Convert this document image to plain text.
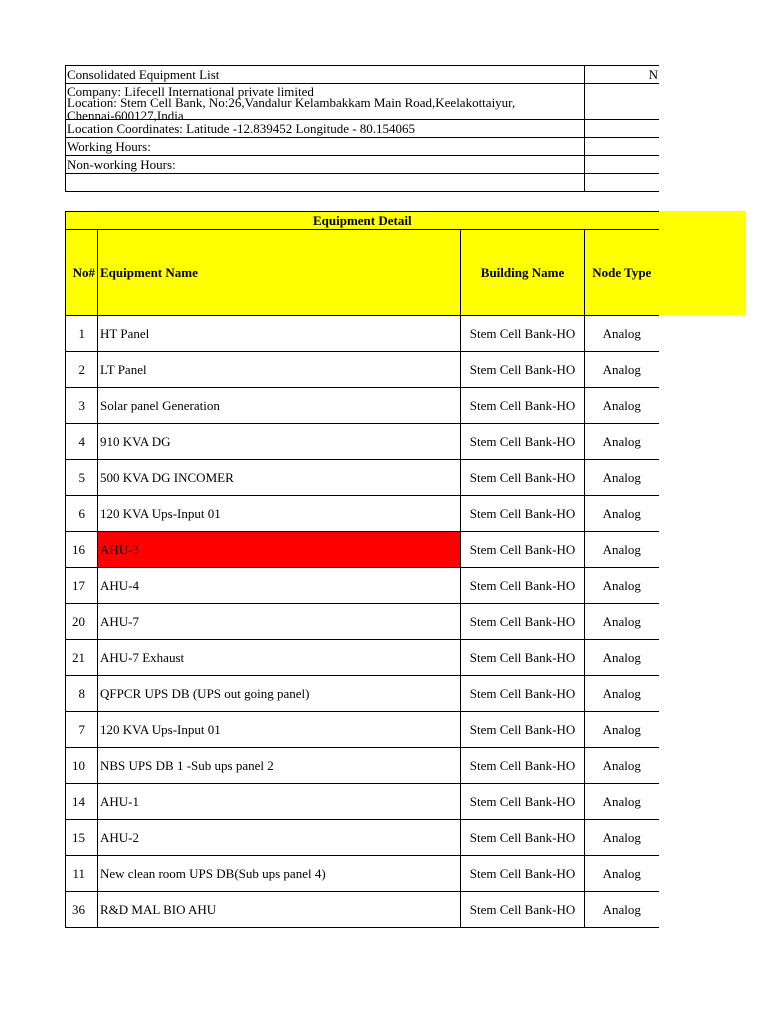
Consolidated Equipment List	N

Company: Lifecell International private limited
Location: Stem Cell Bank, No:26,Vandalur Kelambakkam Main Road,Keelakottaiyur,
Chennai-600127,India	

Location Coordinates: Latitude -12.839452 Longitude - 80.154065	
Working Hours:	
Non-working Hours:	

Equipment Detail			
No#	Equipment Name	Building Name	Node Type
1	HT Panel	Stem Cell Bank-HO	Analog
2	LT Panel	Stem Cell Bank-HO	Analog
3	Solar panel Generation	Stem Cell Bank-HO	Analog
4	910 KVA DG	Stem Cell Bank-HO	Analog
5	500 KVA DG INCOMER	Stem Cell Bank-HO	Analog
6	120 KVA Ups-Input 01	Stem Cell Bank-HO	Analog
16	AHU-3	Stem Cell Bank-HO	Analog
17	AHU-4	Stem Cell Bank-HO	Analog
20	AHU-7	Stem Cell Bank-HO	Analog
21	AHU-7 Exhaust	Stem Cell Bank-HO	Analog
8	QFPCR UPS DB (UPS out going panel)	Stem Cell Bank-HO	Analog
7	120 KVA Ups-Input 01	Stem Cell Bank-HO	Analog
10	NBS UPS DB 1 -Sub ups panel 2	Stem Cell Bank-HO	Analog
14	AHU-1	Stem Cell Bank-HO	Analog
15	AHU-2	Stem Cell Bank-HO	Analog
11	New clean room UPS DB(Sub ups panel 4)	Stem Cell Bank-HO	Analog
36	R&D MAL BIO AHU	Stem Cell Bank-HO	Analog
